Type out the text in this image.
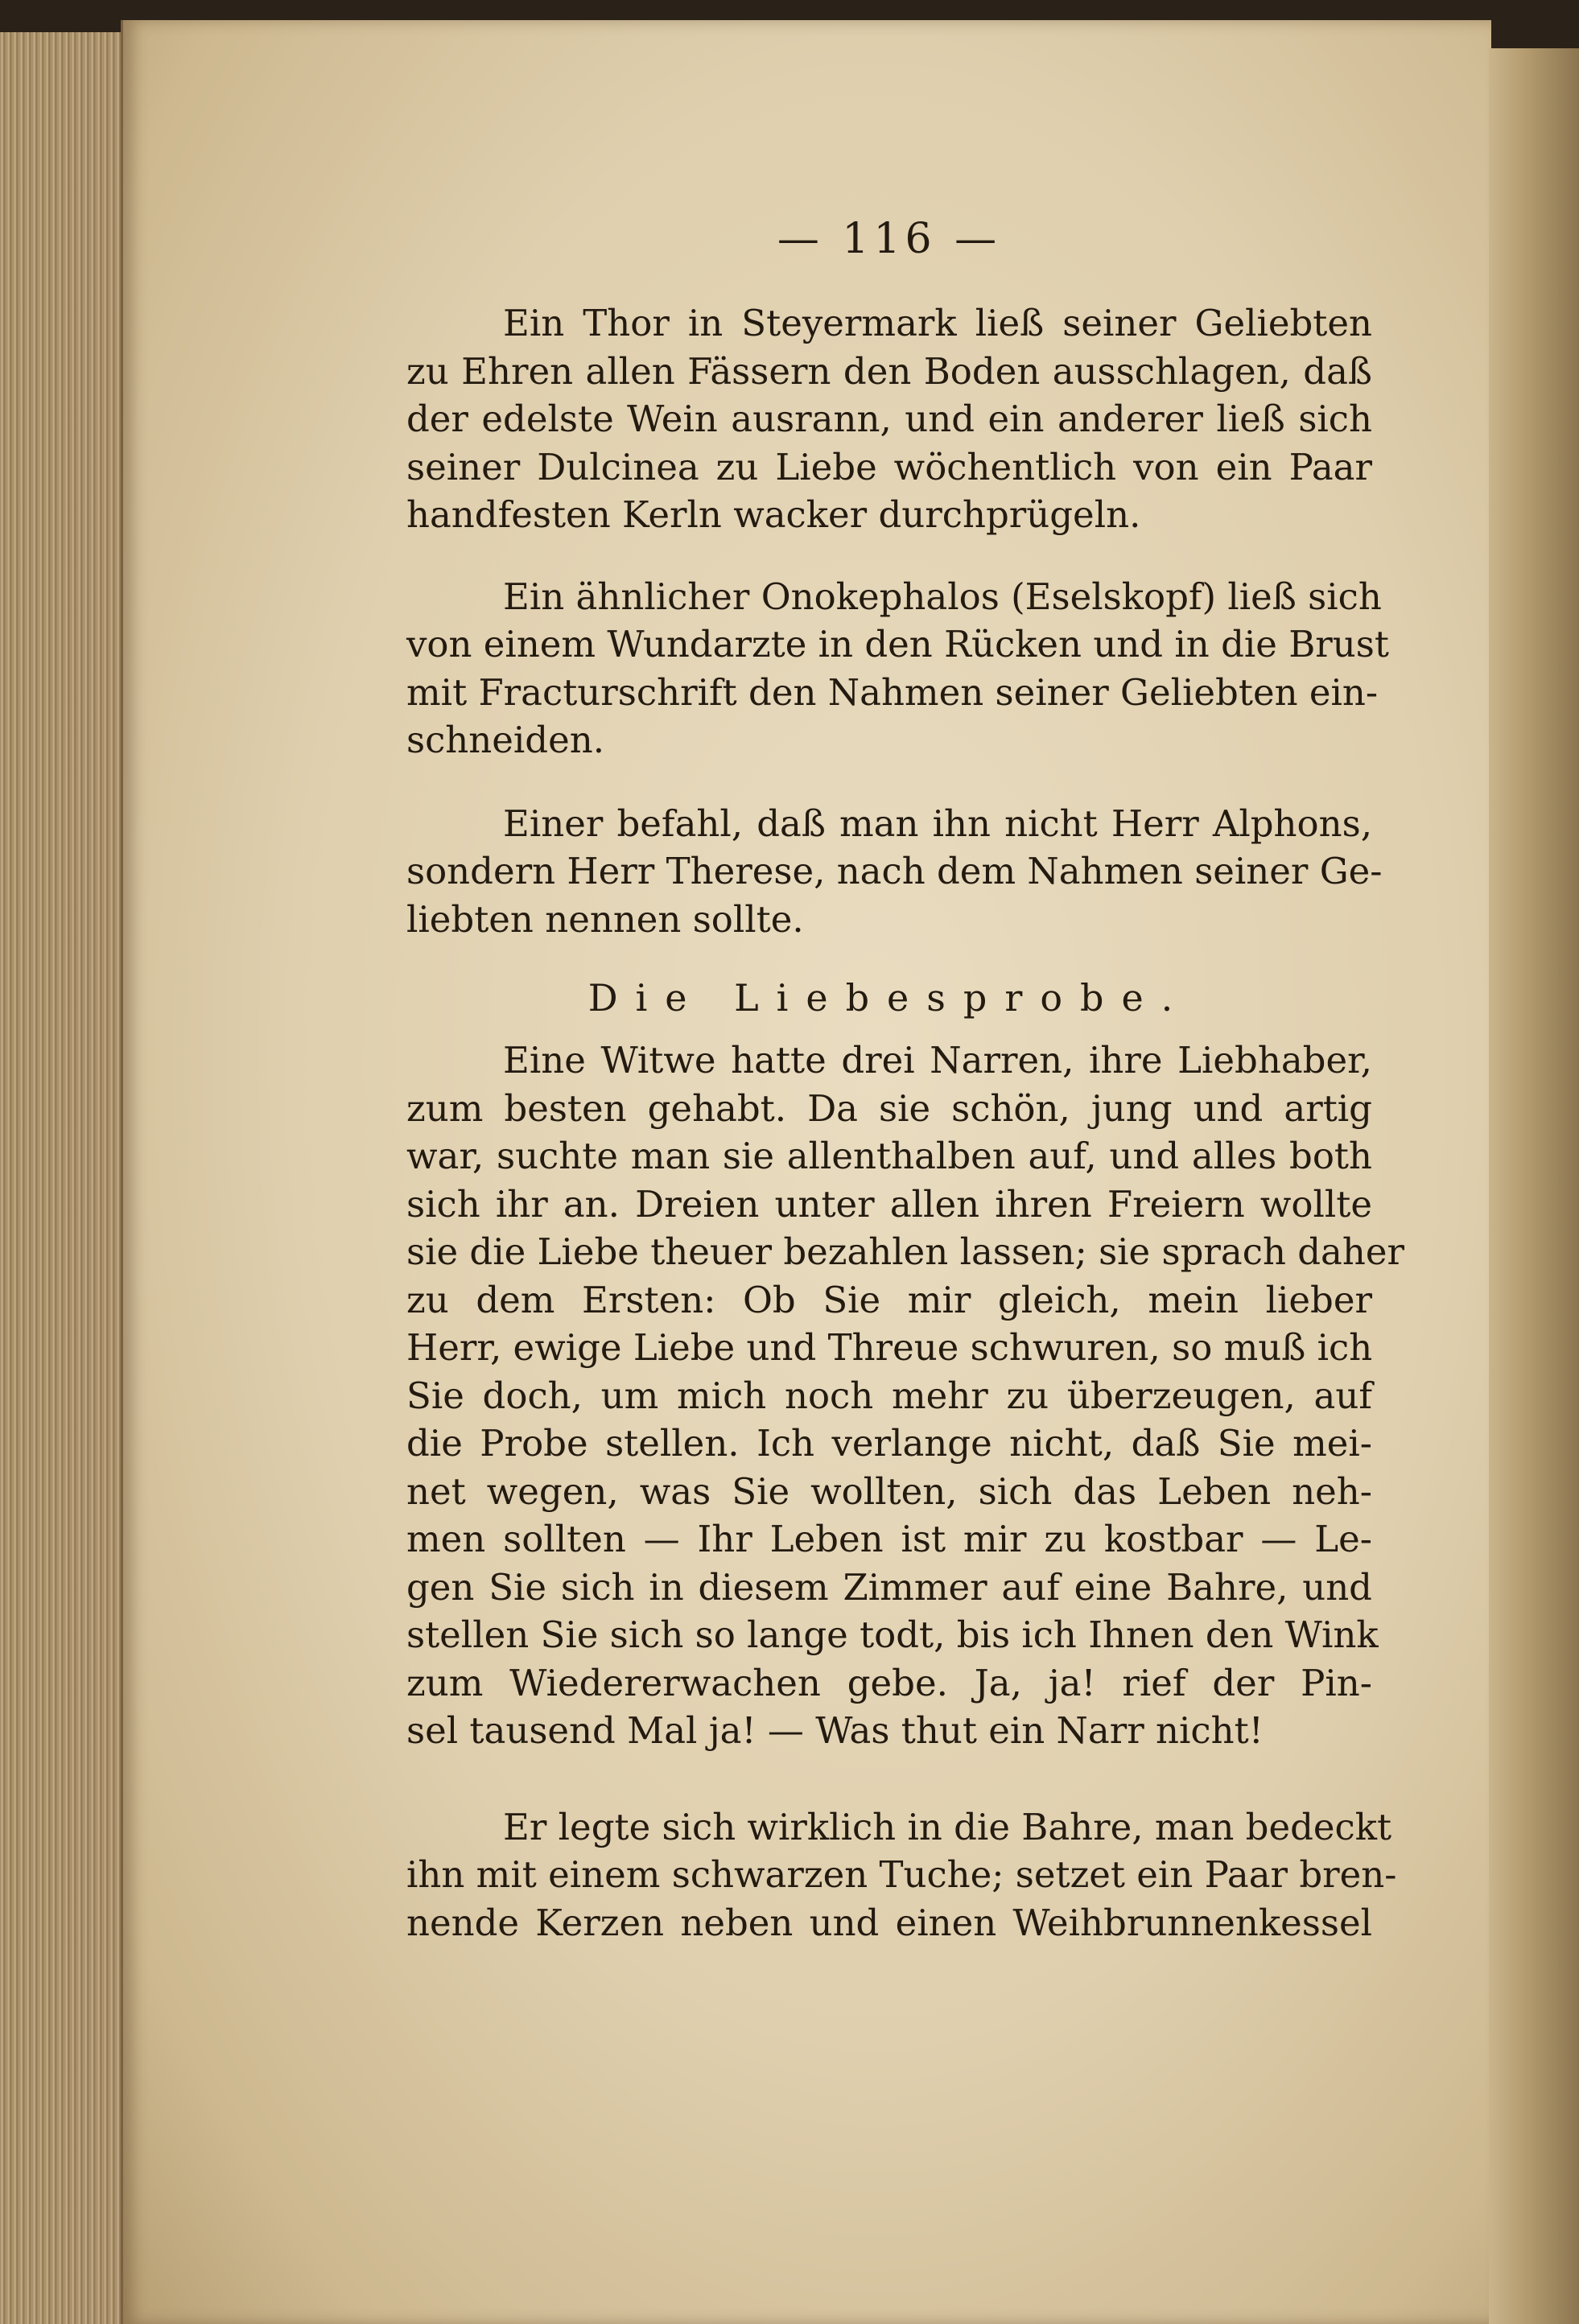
— 116 —
Ein Thor in Steyermark ließ seiner Geliebten
zu Ehren allen Fässern den Boden ausschlagen, daß
der edelste Wein ausrann, und ein anderer ließ sich
seiner Dulcinea zu Liebe wöchentlich von ein Paar
handfesten Kerln wacker durchprügeln.
Ein ähnlicher Onokephalos (Eselskopf) ließ sich
von einem Wundarzte in den Rücken und in die Brust
mit Fracturschrift den Nahmen seiner Geliebten ein-
schneiden.
Einer befahl, daß man ihn nicht Herr Alphons,
sondern Herr Therese, nach dem Nahmen seiner Ge-
liebten nennen sollte.
Die Liebesprobe.
Eine Witwe hatte drei Narren, ihre Liebhaber,
zum besten gehabt. Da sie schön, jung und artig
war, suchte man sie allenthalben auf, und alles both
sich ihr an. Dreien unter allen ihren Freiern wollte
sie die Liebe theuer bezahlen lassen; sie sprach daher
zu dem Ersten: Ob Sie mir gleich, mein lieber
Herr, ewige Liebe und Threue schwuren, so muß ich
Sie doch, um mich noch mehr zu überzeugen, auf
die Probe stellen. Ich verlange nicht, daß Sie mei-
net wegen, was Sie wollten, sich das Leben neh-
men sollten — Ihr Leben ist mir zu kostbar — Le-
gen Sie sich in diesem Zimmer auf eine Bahre, und
stellen Sie sich so lange todt, bis ich Ihnen den Wink
zum Wiedererwachen gebe. Ja, ja! rief der Pin-
sel tausend Mal ja! — Was thut ein Narr nicht!
Er legte sich wirklich in die Bahre, man bedeckt
ihn mit einem schwarzen Tuche; setzet ein Paar bren-
nende Kerzen neben und einen Weihbrunnenkessel
